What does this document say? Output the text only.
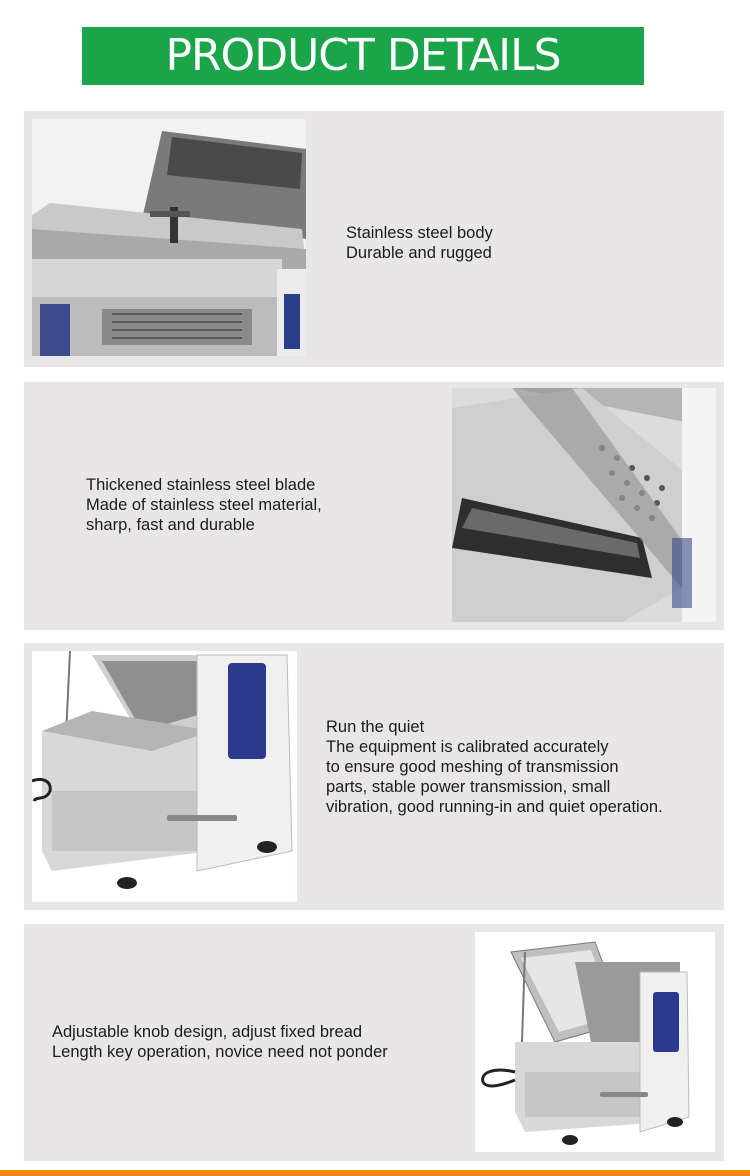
PRODUCT DETAILS
Stainless steel body
Durable and rugged
Thickened stainless steel blade
Made of stainless steel material,
sharp, fast and durable
Run the quiet
The equipment is calibrated accurately
to ensure good meshing of transmission
parts, stable power transmission, small
vibration, good running-in and quiet operation.
Adjustable knob design, adjust fixed bread
Length key operation, novice need not ponder
